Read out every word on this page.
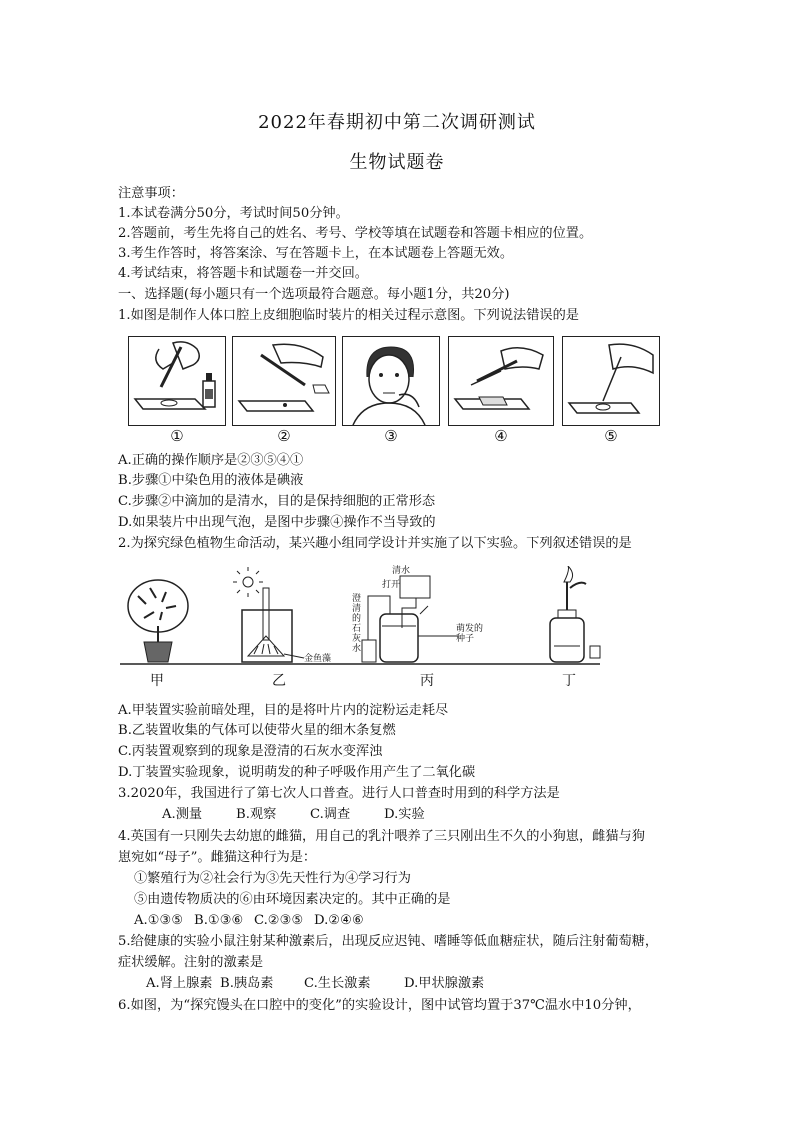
2022年春期初中第二次调研测试
生物试题卷
注意事项：
1.本试卷满分50分，考试时间50分钟。
2.答题前，考生先将自己的姓名、考号、学校等填在试题卷和答题卡相应的位置。
3.考生作答时，将答案涂、写在答题卡上，在本试题卷上答题无效。
4.考试结束，将答题卡和试题卷一并交回。
一、选择题(每小题只有一个选项最符合题意。每小题1分，共20分)
1.如图是制作人体口腔上皮细胞临时装片的相关过程示意图。下列说法错误的是
①	②	③	④	⑤
A.正确的操作顺序是②③⑤④①
B.步骤①中染色用的液体是碘液
C.步骤②中滴加的是清水，目的是保持细胞的正常形态
D.如果装片中出现气泡，是图中步骤④操作不当导致的
2.为探究绿色植物生命活动，某兴趣小组同学设计并实施了以下实验。下列叙述错误的是
清水
打开
澄清的石灰水
萌发的种子
金鱼藻
甲	乙	丙	丁
A.甲装置实验前暗处理，目的是将叶片内的淀粉运走耗尽
B.乙装置收集的气体可以使带火星的细木条复燃
C.丙装置观察到的现象是澄清的石灰水变浑浊
D.丁装置实验现象，说明萌发的种子呼吸作用产生了二氧化碳
3.2020年，我国进行了第七次人口普查。进行人口普查时用到的科学方法是
A.测量	B.观察	C.调查	D.实验
4.英国有一只刚失去幼崽的雌猫，用自己的乳汁喂养了三只刚出生不久的小狗崽，雌猫与狗
崽宛如“母子”。雌猫这种行为是：
①繁殖行为②社会行为③先天性行为④学习行为
⑤由遗传物质决的⑥由环境因素决定的。其中正确的是
A.①③⑤ B.①③⑥ C.②③⑤ D.②④⑥
5.给健康的实验小鼠注射某种激素后，出现反应迟钝、嗜睡等低血糖症状，随后注射葡萄糖，
症状缓解。注射的激素是
A.肾上腺素 B.胰岛素 C.生长激素	D.甲状腺激素
6.如图，为“探究馒头在口腔中的变化”的实验设计，图中试管均置于37℃温水中10分钟，
